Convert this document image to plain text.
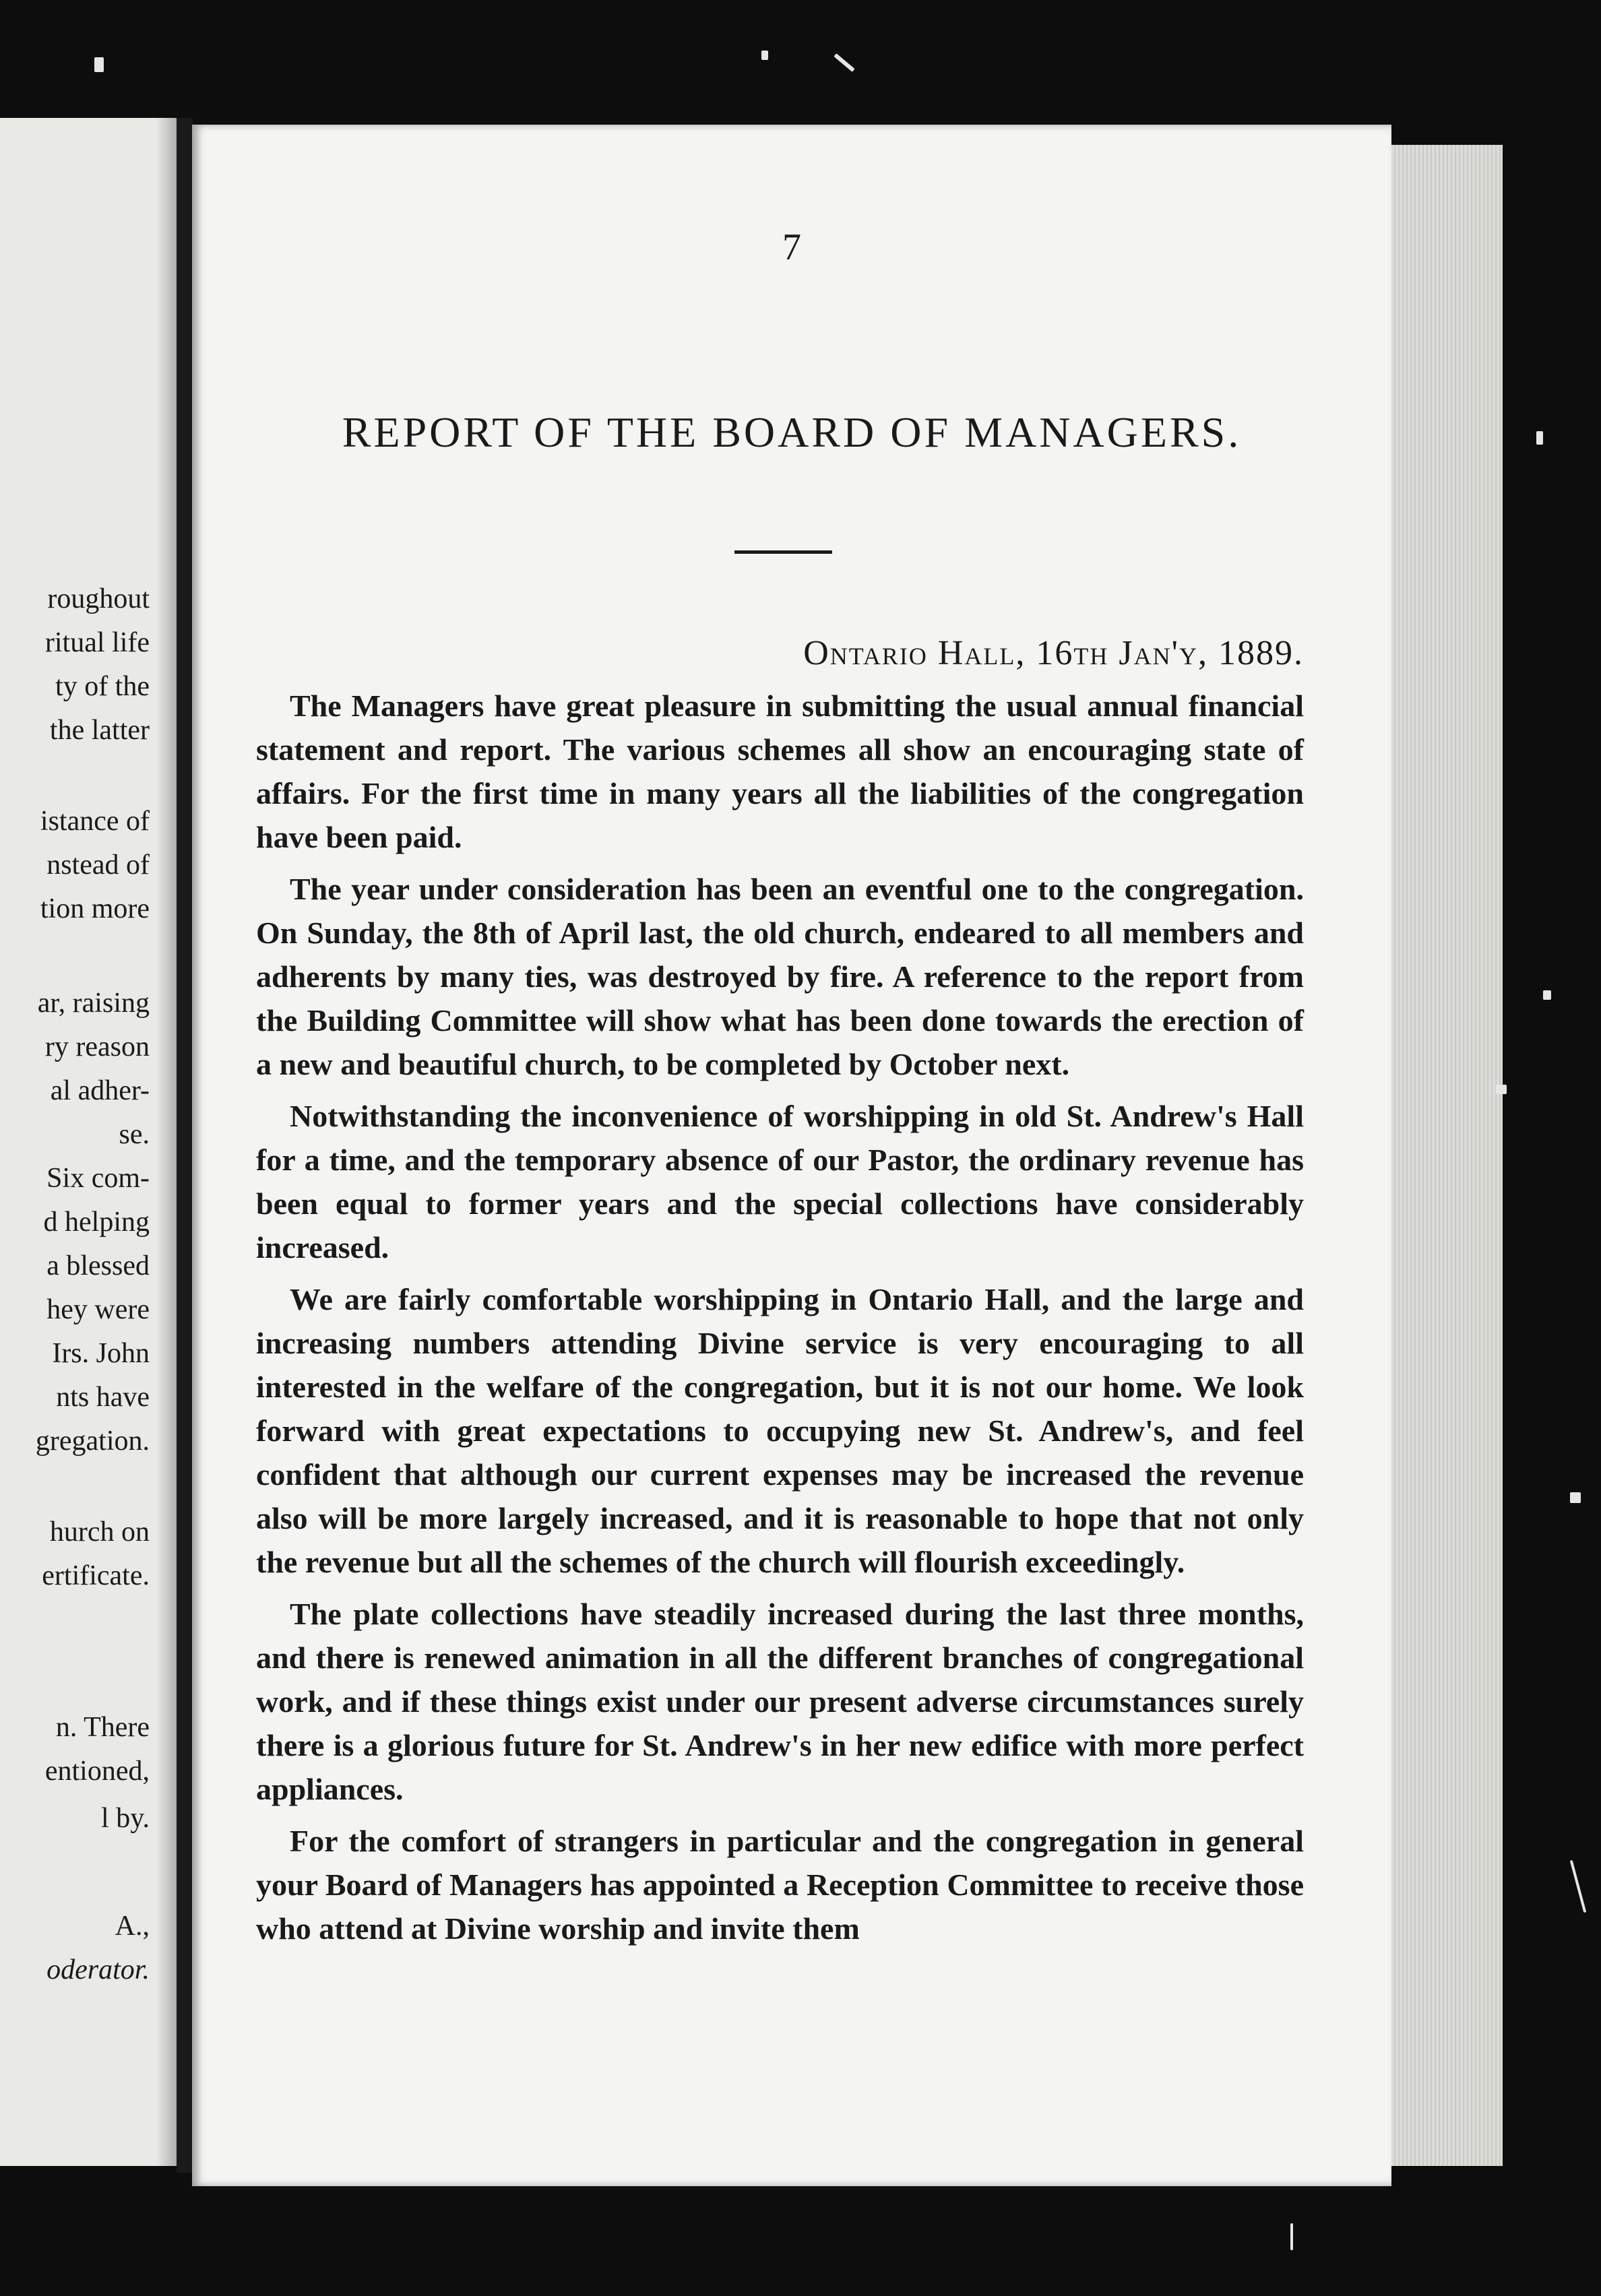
roughout
ritual life
ty of the
the latter
istance of
nstead of
tion more
ar, raising
ry reason
al adher-
se.
Six com-
d helping
a blessed
hey were
Irs. John
nts have
gregation.
hurch on
ertificate.
n. There
entioned,
l by.
A.,
oderator.
7
REPORT OF THE BOARD OF MANAGERS.
Ontario Hall, 16th Jan'y, 1889.

The Managers have great pleasure in submitting the usual annual financial statement and report. The various schemes all show an encouraging state of affairs. For the first time in many years all the liabilities of the congregation have been paid.

The year under consideration has been an eventful one to the congregation. On Sunday, the 8th of April last, the old church, endeared to all members and adherents by many ties, was destroyed by fire. A reference to the report from the Building Committee will show what has been done towards the erection of a new and beautiful church, to be completed by October next.

Notwithstanding the inconvenience of worshipping in old St. Andrew's Hall for a time, and the temporary absence of our Pastor, the ordinary revenue has been equal to former years and the special collections have considerably increased.

We are fairly comfortable worshipping in Ontario Hall, and the large and increasing numbers attending Divine service is very encouraging to all interested in the welfare of the congregation, but it is not our home. We look forward with great expectations to occupying new St. Andrew's, and feel confident that although our current expenses may be increased the revenue also will be more largely increased, and it is reasonable to hope that not only the revenue but all the schemes of the church will flourish exceedingly.

The plate collections have steadily increased during the last three months, and there is renewed animation in all the different branches of congregational work, and if these things exist under our present adverse circumstances surely there is a glorious future for St. Andrew's in her new edifice with more perfect appliances.

For the comfort of strangers in particular and the congregation in general your Board of Managers has appointed a Reception Committee to receive those who attend at Divine worship and invite them
